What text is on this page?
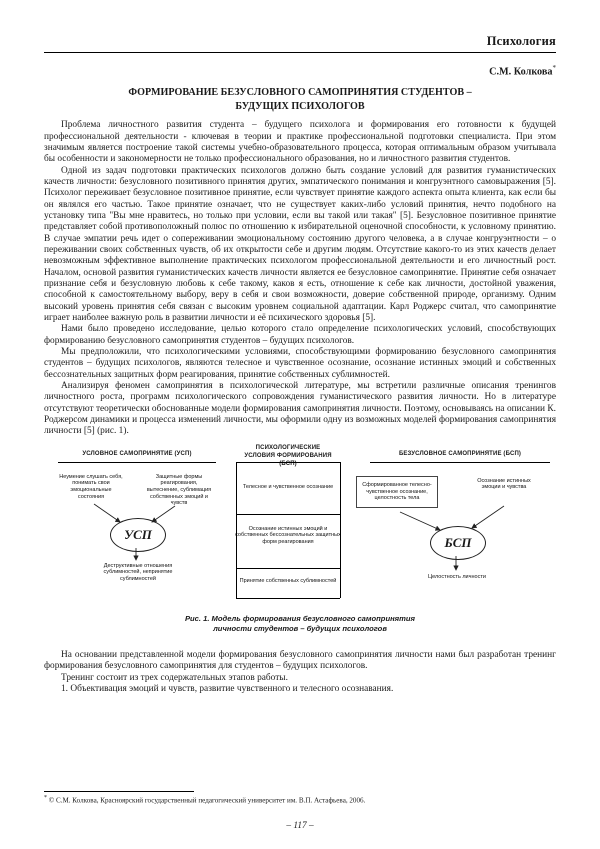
Психология
С.М. Колкова*
ФОРМИРОВАНИЕ БЕЗУСЛОВНОГО САМОПРИНЯТИЯ СТУДЕНТОВ –
БУДУЩИХ ПСИХОЛОГОВ

Проблема личностного развития студента – будущего психолога и формирования его готовности к будущей профессиональной деятельности - ключевая в теории и практике профессиональной подготовки специалиста. При этом значимым является построение такой системы учебно-образовательного процесса, которая оптимальным образом учитывала бы особенности и закономерности не только профессионального образования, но и личностного развития студентов.

Одной из задач подготовки практических психологов должно быть создание условий для развития гуманистических качеств личности: безусловного позитивного принятия других, эмпатического понимания и конгруэнтного самовыражения [5]. Психолог переживает безусловное позитивное принятие, если чувствует принятие каждого аспекта опыта клиента, как если бы он являлся его частью. Такое принятие означает, что не существует каких-либо условий принятия, нечто подобного на установку типа "Вы мне нравитесь, но только при условии, если вы такой или такая" [5]. Безусловное позитивное принятие представляет собой противоположный полюс по отношению к избирательной оценочной способности, к условному принятию. В случае эмпатии речь идет о сопереживании эмоциональному состоянию другого человека, а в случае конгруэнтности – о переживании своих собственных чувств, об их открытости себе и другим людям. Отсутствие какого-то из этих качеств делает невозможным эффективное выполнение практических психологом профессиональной деятельности и его личностный рост. Началом, основой развития гуманистических качеств личности является ее безусловное самопринятие. Принятие себя означает признание себя и безусловную любовь к себе такому, каков я есть, отношение к себе как личности, достойной уважения, способной к самостоятельному выбору, веру в себя и свои возможности, доверие собственной природе, организму. Одним высокий уровень принятия себя связан с высоким уровнем социальной адаптации. Карл Роджерс считал, что самопринятие играет наиболее важную роль в развитии личности и её психического здоровья [5].

Нами было проведено исследование, целью которого стало определение психологических условий, способствующих формированию безусловного самопринятия студентов – будущих психологов.

Мы предположили, что психологическими условиями, способствующими формированию безусловного самопринятия студентов – будущих психологов, являются телесное и чувственное осознание, осознание истинных эмоций и собственных бессознательных защитных форм реагирования, принятие собственных сублимностей.

Анализируя феномен самопринятия в психологической литературе, мы встретили различные описания тренингов личностного роста, программ психологического сопровождения гуманистического развития личности. Но в литературе отсутствуют теоретически обоснованные модели формирования самопринятия личности. Поэтому, основываясь на описании К. Роджерсом динамики и процесса изменений личности, мы оформили одну из возможных моделей формирования самопринятия личности [5] (рис. 1).

УСЛОВНОЕ САМОПРИНЯТИЕ (УСП)
ПСИХОЛОГИЧЕСКИЕ УСЛОВИЯ ФОРМИРОВАНИЯ (БСП)
БЕЗУСЛОВНОЕ САМОПРИНЯТИЕ (БСП)
Неумение слушать себя, понимать свои эмоциональные состояния
Защитные формы реагирования, вытеснение, сублимация собственных эмоций и чувств
УСП
Деструктивные отношения сублимностей, непринятие сублимностей
Телесное и чувственное осознание
Осознание истинных эмоций и собственных бессознательных защитных форм реагирования
Принятие собственных сублимностей
Сформированное телесно-чувственное осознание, целостность тела
Осознание истинных эмоции и чувства
БСП
Целостность личности
Рис. 1. Модель формирования безусловного самопринятия
личности студентов – будущих психологов

На основании представленной модели формирования безусловного самопринятия личности нами был разработан тренинг формирования безусловного самопринятия для студентов – будущих психологов.

Тренинг состоит из трех содержательных этапов работы.

1. Объективация эмоций и чувств, развитие чувственного и телесного осознавания.

* © С.М. Колкова, Красноярский государственный педагогический университет им. В.П. Астафьева, 2006.
– 117 –
